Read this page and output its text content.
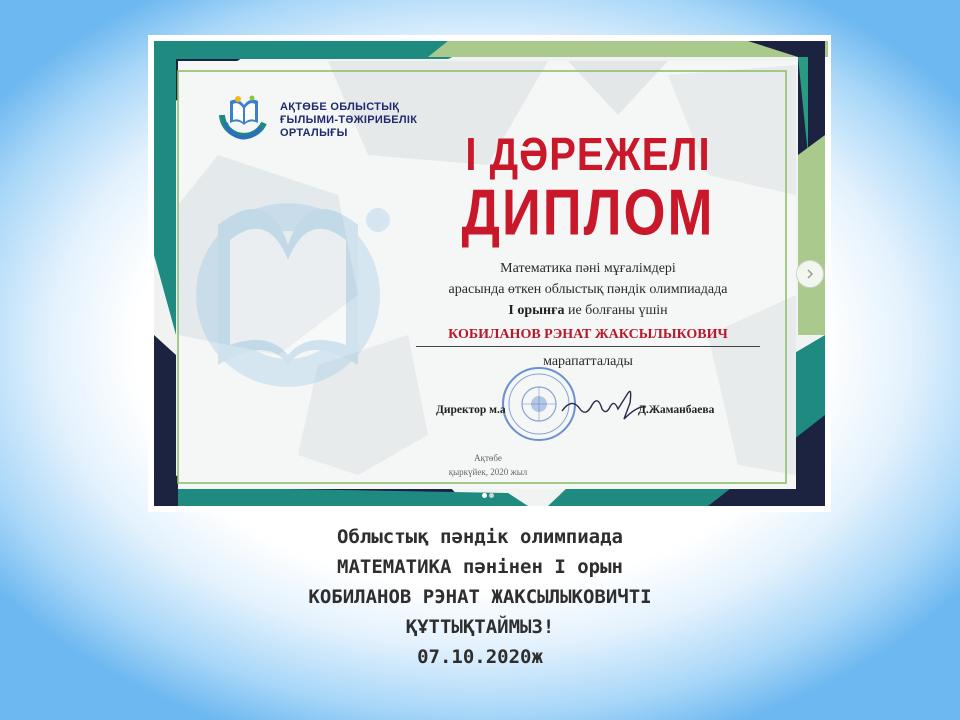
АҚТӨБЕ ОБЛЫСТЫҚ
ҒЫЛЫМИ-ТӘЖІРИБЕЛІК
ОРТАЛЫҒЫ	І ДӘРЕЖЕЛІ
ДИПЛОМ
Математика пәні мұғалімдері
арасында өткен облыстық пәндік олимпиадада
I орынға ие болғаны үшін
КОБИЛАНОВ РЭНАТ ЖАКСЫЛЫКОВИЧ
марапатталады
Директор м.а	Д.Жаманбаева
Ақтөбе
қыркүйек, 2020 жыл
Облыстық пәндік олимпиада
МАТЕМАТИКА пәнінен І орын
КОБИЛАНОВ РЭНАТ ЖАКСЫЛЫКОВИЧТІ
ҚҰТТЫҚТАЙМЫЗ!
07.10.2020ж
